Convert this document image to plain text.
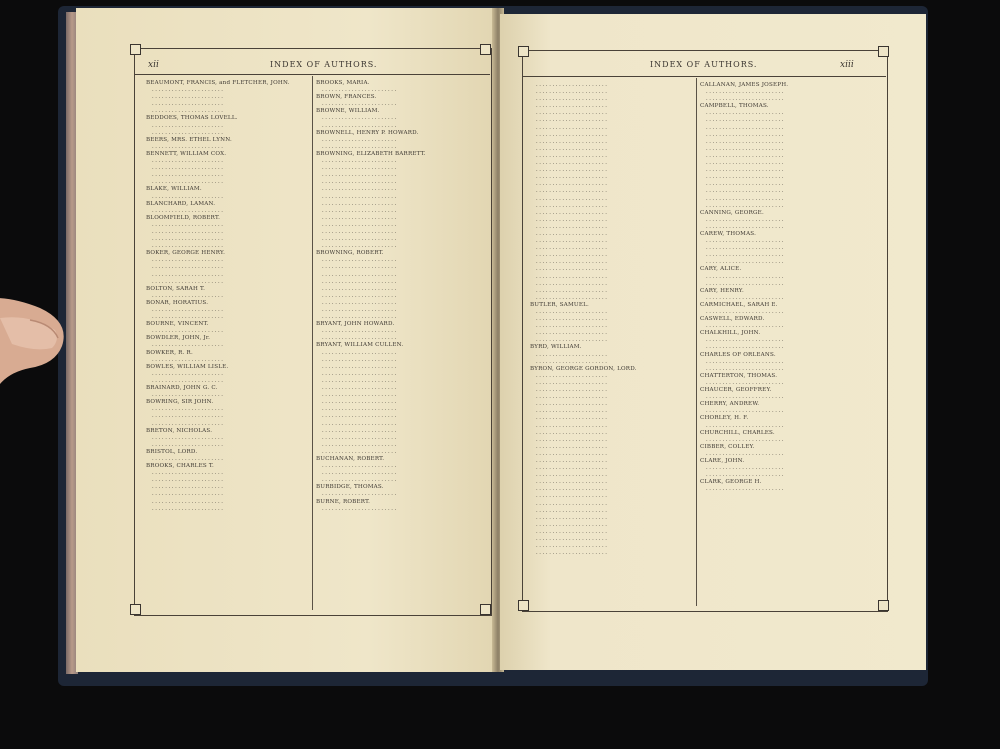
xii	INDEX OF AUTHORS.
BEAUMONT, FRANCIS, and FLETCHER, JOHN.
. . . . . . . . . . . . . . . . . . . . . .
. . . . . . . . . . . . . . . . . . . . . .
. . . . . . . . . . . . . . . . . . . . . .
. . . . . . . . . . . . . . . . . . . . . .
BEDDOES, THOMAS LOVELL.
. . . . . . . . . . . . . . . . . . . . . .
. . . . . . . . . . . . . . . . . . . . . .
BEERS, MRS. ETHEL LYNN.
. . . . . . . . . . . . . . . . . . . . . .
BENNETT, WILLIAM COX.
. . . . . . . . . . . . . . . . . . . . . .
. . . . . . . . . . . . . . . . . . . . . .
. . . . . . . . . . . . . . . . . . . . . .
. . . . . . . . . . . . . . . . . . . . . .
BLAKE, WILLIAM.
. . . . . . . . . . . . . . . . . . . . . .
BLANCHARD, LAMAN.
. . . . . . . . . . . . . . . . . . . . . .
BLOOMFIELD, ROBERT.
. . . . . . . . . . . . . . . . . . . . . .
. . . . . . . . . . . . . . . . . . . . . .
. . . . . . . . . . . . . . . . . . . . . .
. . . . . . . . . . . . . . . . . . . . . .
BOKER, GEORGE HENRY.
. . . . . . . . . . . . . . . . . . . . . .
. . . . . . . . . . . . . . . . . . . . . .
. . . . . . . . . . . . . . . . . . . . . .
. . . . . . . . . . . . . . . . . . . . . .
BOLTON, SARAH T.
. . . . . . . . . . . . . . . . . . . . . .
BONAR, HORATIUS.
. . . . . . . . . . . . . . . . . . . . . .
. . . . . . . . . . . . . . . . . . . . . .
BOURNE, VINCENT.
. . . . . . . . . . . . . . . . . . . . . .
BOWDLER, JOHN, Jr.
. . . . . . . . . . . . . . . . . . . . . .
BOWKER, R. R.
. . . . . . . . . . . . . . . . . . . . . .
BOWLES, WILLIAM LISLE.
. . . . . . . . . . . . . . . . . . . . . .
. . . . . . . . . . . . . . . . . . . . . .
BRAINARD, JOHN G. C.
. . . . . . . . . . . . . . . . . . . . . .
BOWRING, SIR JOHN.
. . . . . . . . . . . . . . . . . . . . . .
. . . . . . . . . . . . . . . . . . . . . .
. . . . . . . . . . . . . . . . . . . . . .
BRETON, NICHOLAS.
. . . . . . . . . . . . . . . . . . . . . .
. . . . . . . . . . . . . . . . . . . . . .
BRISTOL, LORD.
. . . . . . . . . . . . . . . . . . . . . .
BROOKS, CHARLES T.
. . . . . . . . . . . . . . . . . . . . . .
. . . . . . . . . . . . . . . . . . . . . .
. . . . . . . . . . . . . . . . . . . . . .
. . . . . . . . . . . . . . . . . . . . . .
. . . . . . . . . . . . . . . . . . . . . .
. . . . . . . . . . . . . . . . . . . . . .
BROOKS, MARIA.
. . . . . . . . . . . . . . . . . . . . . . .
BROWN, FRANCES.
. . . . . . . . . . . . . . . . . . . . . . .
BROWNE, WILLIAM.
. . . . . . . . . . . . . . . . . . . . . . .
. . . . . . . . . . . . . . . . . . . . . . .
BROWNELL, HENRY P. HOWARD.
. . . . . . . . . . . . . . . . . . . . . . .
. . . . . . . . . . . . . . . . . . . . . . .
BROWNING, ELIZABETH BARRETT.
. . . . . . . . . . . . . . . . . . . . . . .
. . . . . . . . . . . . . . . . . . . . . . .
. . . . . . . . . . . . . . . . . . . . . . .
. . . . . . . . . . . . . . . . . . . . . . .
. . . . . . . . . . . . . . . . . . . . . . .
. . . . . . . . . . . . . . . . . . . . . . .
. . . . . . . . . . . . . . . . . . . . . . .
. . . . . . . . . . . . . . . . . . . . . . .
. . . . . . . . . . . . . . . . . . . . . . .
. . . . . . . . . . . . . . . . . . . . . . .
. . . . . . . . . . . . . . . . . . . . . . .
. . . . . . . . . . . . . . . . . . . . . . .
. . . . . . . . . . . . . . . . . . . . . . .
BROWNING, ROBERT.
. . . . . . . . . . . . . . . . . . . . . . .
. . . . . . . . . . . . . . . . . . . . . . .
. . . . . . . . . . . . . . . . . . . . . . .
. . . . . . . . . . . . . . . . . . . . . . .
. . . . . . . . . . . . . . . . . . . . . . .
. . . . . . . . . . . . . . . . . . . . . . .
. . . . . . . . . . . . . . . . . . . . . . .
. . . . . . . . . . . . . . . . . . . . . . .
. . . . . . . . . . . . . . . . . . . . . . .
BRYANT, JOHN HOWARD.
. . . . . . . . . . . . . . . . . . . . . . .
. . . . . . . . . . . . . . . . . . . . . . .
BRYANT, WILLIAM CULLEN.
. . . . . . . . . . . . . . . . . . . . . . .
. . . . . . . . . . . . . . . . . . . . . . .
. . . . . . . . . . . . . . . . . . . . . . .
. . . . . . . . . . . . . . . . . . . . . . .
. . . . . . . . . . . . . . . . . . . . . . .
. . . . . . . . . . . . . . . . . . . . . . .
. . . . . . . . . . . . . . . . . . . . . . .
. . . . . . . . . . . . . . . . . . . . . . .
. . . . . . . . . . . . . . . . . . . . . . .
. . . . . . . . . . . . . . . . . . . . . . .
. . . . . . . . . . . . . . . . . . . . . . .
. . . . . . . . . . . . . . . . . . . . . . .
. . . . . . . . . . . . . . . . . . . . . . .
. . . . . . . . . . . . . . . . . . . . . . .
. . . . . . . . . . . . . . . . . . . . . . .
BUCHANAN, ROBERT.
. . . . . . . . . . . . . . . . . . . . . . .
. . . . . . . . . . . . . . . . . . . . . . .
. . . . . . . . . . . . . . . . . . . . . . .
BURBIDGE, THOMAS.
. . . . . . . . . . . . . . . . . . . . . . .
BURNE, ROBERT.
. . . . . . . . . . . . . . . . . . . . . . .
INDEX OF AUTHORS.	xiii
. . . . . . . . . . . . . . . . . . . . . .
. . . . . . . . . . . . . . . . . . . . . .
. . . . . . . . . . . . . . . . . . . . . .
. . . . . . . . . . . . . . . . . . . . . .
. . . . . . . . . . . . . . . . . . . . . .
. . . . . . . . . . . . . . . . . . . . . .
. . . . . . . . . . . . . . . . . . . . . .
. . . . . . . . . . . . . . . . . . . . . .
. . . . . . . . . . . . . . . . . . . . . .
. . . . . . . . . . . . . . . . . . . . . .
. . . . . . . . . . . . . . . . . . . . . .
. . . . . . . . . . . . . . . . . . . . . .
. . . . . . . . . . . . . . . . . . . . . .
. . . . . . . . . . . . . . . . . . . . . .
. . . . . . . . . . . . . . . . . . . . . .
. . . . . . . . . . . . . . . . . . . . . .
. . . . . . . . . . . . . . . . . . . . . .
. . . . . . . . . . . . . . . . . . . . . .
. . . . . . . . . . . . . . . . . . . . . .
. . . . . . . . . . . . . . . . . . . . . .
. . . . . . . . . . . . . . . . . . . . . .
. . . . . . . . . . . . . . . . . . . . . .
. . . . . . . . . . . . . . . . . . . . . .
. . . . . . . . . . . . . . . . . . . . . .
. . . . . . . . . . . . . . . . . . . . . .
. . . . . . . . . . . . . . . . . . . . . .
. . . . . . . . . . . . . . . . . . . . . .
. . . . . . . . . . . . . . . . . . . . . .
. . . . . . . . . . . . . . . . . . . . . .
. . . . . . . . . . . . . . . . . . . . . .
. . . . . . . . . . . . . . . . . . . . . .
BUTLER, SAMUEL.
. . . . . . . . . . . . . . . . . . . . . .
. . . . . . . . . . . . . . . . . . . . . .
. . . . . . . . . . . . . . . . . . . . . .
. . . . . . . . . . . . . . . . . . . . . .
. . . . . . . . . . . . . . . . . . . . . .
BYRD, WILLIAM.
. . . . . . . . . . . . . . . . . . . . . .
. . . . . . . . . . . . . . . . . . . . . .
BYRON, GEORGE GORDON, LORD.
. . . . . . . . . . . . . . . . . . . . . .
. . . . . . . . . . . . . . . . . . . . . .
. . . . . . . . . . . . . . . . . . . . . .
. . . . . . . . . . . . . . . . . . . . . .
. . . . . . . . . . . . . . . . . . . . . .
. . . . . . . . . . . . . . . . . . . . . .
. . . . . . . . . . . . . . . . . . . . . .
. . . . . . . . . . . . . . . . . . . . . .
. . . . . . . . . . . . . . . . . . . . . .
. . . . . . . . . . . . . . . . . . . . . .
. . . . . . . . . . . . . . . . . . . . . .
. . . . . . . . . . . . . . . . . . . . . .
. . . . . . . . . . . . . . . . . . . . . .
. . . . . . . . . . . . . . . . . . . . . .
. . . . . . . . . . . . . . . . . . . . . .
. . . . . . . . . . . . . . . . . . . . . .
. . . . . . . . . . . . . . . . . . . . . .
. . . . . . . . . . . . . . . . . . . . . .
. . . . . . . . . . . . . . . . . . . . . .
. . . . . . . . . . . . . . . . . . . . . .
. . . . . . . . . . . . . . . . . . . . . .
. . . . . . . . . . . . . . . . . . . . . .
. . . . . . . . . . . . . . . . . . . . . .
. . . . . . . . . . . . . . . . . . . . . .
. . . . . . . . . . . . . . . . . . . . . .
. . . . . . . . . . . . . . . . . . . . . .
CALLANAN, JAMES JOSEPH.
. . . . . . . . . . . . . . . . . . . . . . . .
. . . . . . . . . . . . . . . . . . . . . . . .
CAMPBELL, THOMAS.
. . . . . . . . . . . . . . . . . . . . . . . .
. . . . . . . . . . . . . . . . . . . . . . . .
. . . . . . . . . . . . . . . . . . . . . . . .
. . . . . . . . . . . . . . . . . . . . . . . .
. . . . . . . . . . . . . . . . . . . . . . . .
. . . . . . . . . . . . . . . . . . . . . . . .
. . . . . . . . . . . . . . . . . . . . . . . .
. . . . . . . . . . . . . . . . . . . . . . . .
. . . . . . . . . . . . . . . . . . . . . . . .
. . . . . . . . . . . . . . . . . . . . . . . .
. . . . . . . . . . . . . . . . . . . . . . . .
. . . . . . . . . . . . . . . . . . . . . . . .
. . . . . . . . . . . . . . . . . . . . . . . .
. . . . . . . . . . . . . . . . . . . . . . . .
CANNING, GEORGE.
. . . . . . . . . . . . . . . . . . . . . . . .
. . . . . . . . . . . . . . . . . . . . . . . .
CAREW, THOMAS.
. . . . . . . . . . . . . . . . . . . . . . . .
. . . . . . . . . . . . . . . . . . . . . . . .
. . . . . . . . . . . . . . . . . . . . . . . .
. . . . . . . . . . . . . . . . . . . . . . . .
CARY, ALICE.
. . . . . . . . . . . . . . . . . . . . . . . .
. . . . . . . . . . . . . . . . . . . . . . . .
CARY, HENRY.
. . . . . . . . . . . . . . . . . . . . . . . .
CARMICHAEL, SARAH E.
. . . . . . . . . . . . . . . . . . . . . . . .
CASWELL, EDWARD.
. . . . . . . . . . . . . . . . . . . . . . . .
CHALKHILL, JOHN.
. . . . . . . . . . . . . . . . . . . . . . . .
. . . . . . . . . . . . . . . . . . . . . . . .
CHARLES OF ORLEANS.
. . . . . . . . . . . . . . . . . . . . . . . .
. . . . . . . . . . . . . . . . . . . . . . . .
CHATTERTON, THOMAS.
. . . . . . . . . . . . . . . . . . . . . . . .
CHAUCER, GEOFFREY.
. . . . . . . . . . . . . . . . . . . . . . . .
CHERRY, ANDREW.
. . . . . . . . . . . . . . . . . . . . . . . .
CHORLEY, H. F.
. . . . . . . . . . . . . . . . . . . . . . . .
CHURCHILL, CHARLES.
. . . . . . . . . . . . . . . . . . . . . . . .
CIBBER, COLLEY.
. . . . . . . . . . . . . . . . . . . . . . . .
CLARE, JOHN.
. . . . . . . . . . . . . . . . . . . . . . . .
. . . . . . . . . . . . . . . . . . . . . . . .
CLARK, GEORGE H.
. . . . . . . . . . . . . . . . . . . . . . . .
